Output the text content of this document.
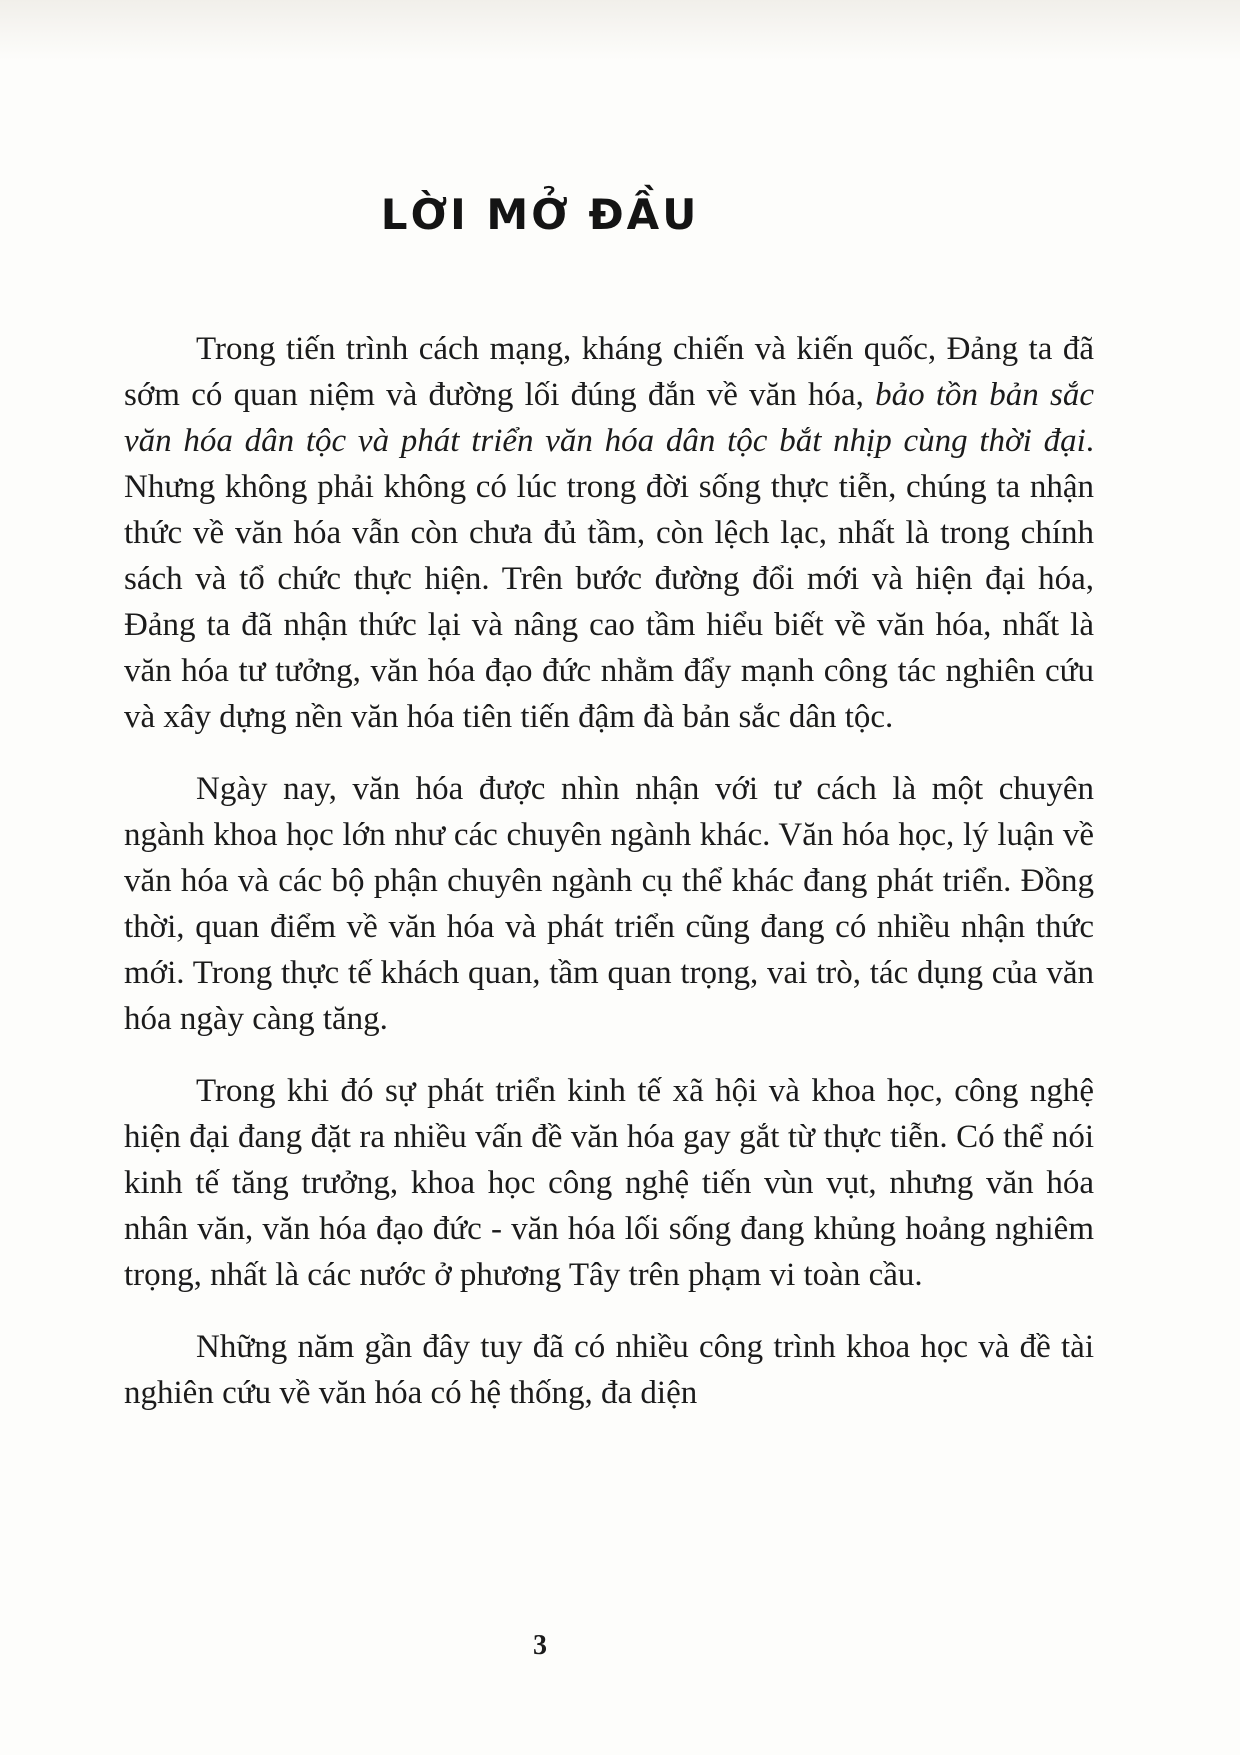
LỜI MỞ ĐẦU

Trong tiến trình cách mạng, kháng chiến và kiến quốc, Đảng ta đã sớm có quan niệm và đường lối đúng đắn về văn hóa, bảo tồn bản sắc văn hóa dân tộc và phát triển văn hóa dân tộc bắt nhịp cùng thời đại. Nhưng không phải không có lúc trong đời sống thực tiễn, chúng ta nhận thức về văn hóa vẫn còn chưa đủ tầm, còn lệch lạc, nhất là trong chính sách và tổ chức thực hiện. Trên bước đường đổi mới và hiện đại hóa, Đảng ta đã nhận thức lại và nâng cao tầm hiểu biết về văn hóa, nhất là văn hóa tư tưởng, văn hóa đạo đức nhằm đẩy mạnh công tác nghiên cứu và xây dựng nền văn hóa tiên tiến đậm đà bản sắc dân tộc.

Ngày nay, văn hóa được nhìn nhận với tư cách là một chuyên ngành khoa học lớn như các chuyên ngành khác. Văn hóa học, lý luận về văn hóa và các bộ phận chuyên ngành cụ thể khác đang phát triển. Đồng thời, quan điểm về văn hóa và phát triển cũng đang có nhiều nhận thức mới. Trong thực tế khách quan, tầm quan trọng, vai trò, tác dụng của văn hóa ngày càng tăng.

Trong khi đó sự phát triển kinh tế xã hội và khoa học, công nghệ hiện đại đang đặt ra nhiều vấn đề văn hóa gay gắt từ thực tiễn. Có thể nói kinh tế tăng trưởng, khoa học công nghệ tiến vùn vụt, nhưng văn hóa nhân văn, văn hóa đạo đức - văn hóa lối sống đang khủng hoảng nghiêm trọng, nhất là các nước ở phương Tây trên phạm vi toàn cầu.

Những năm gần đây tuy đã có nhiều công trình khoa học và đề tài nghiên cứu về văn hóa có hệ thống, đa diện

3
